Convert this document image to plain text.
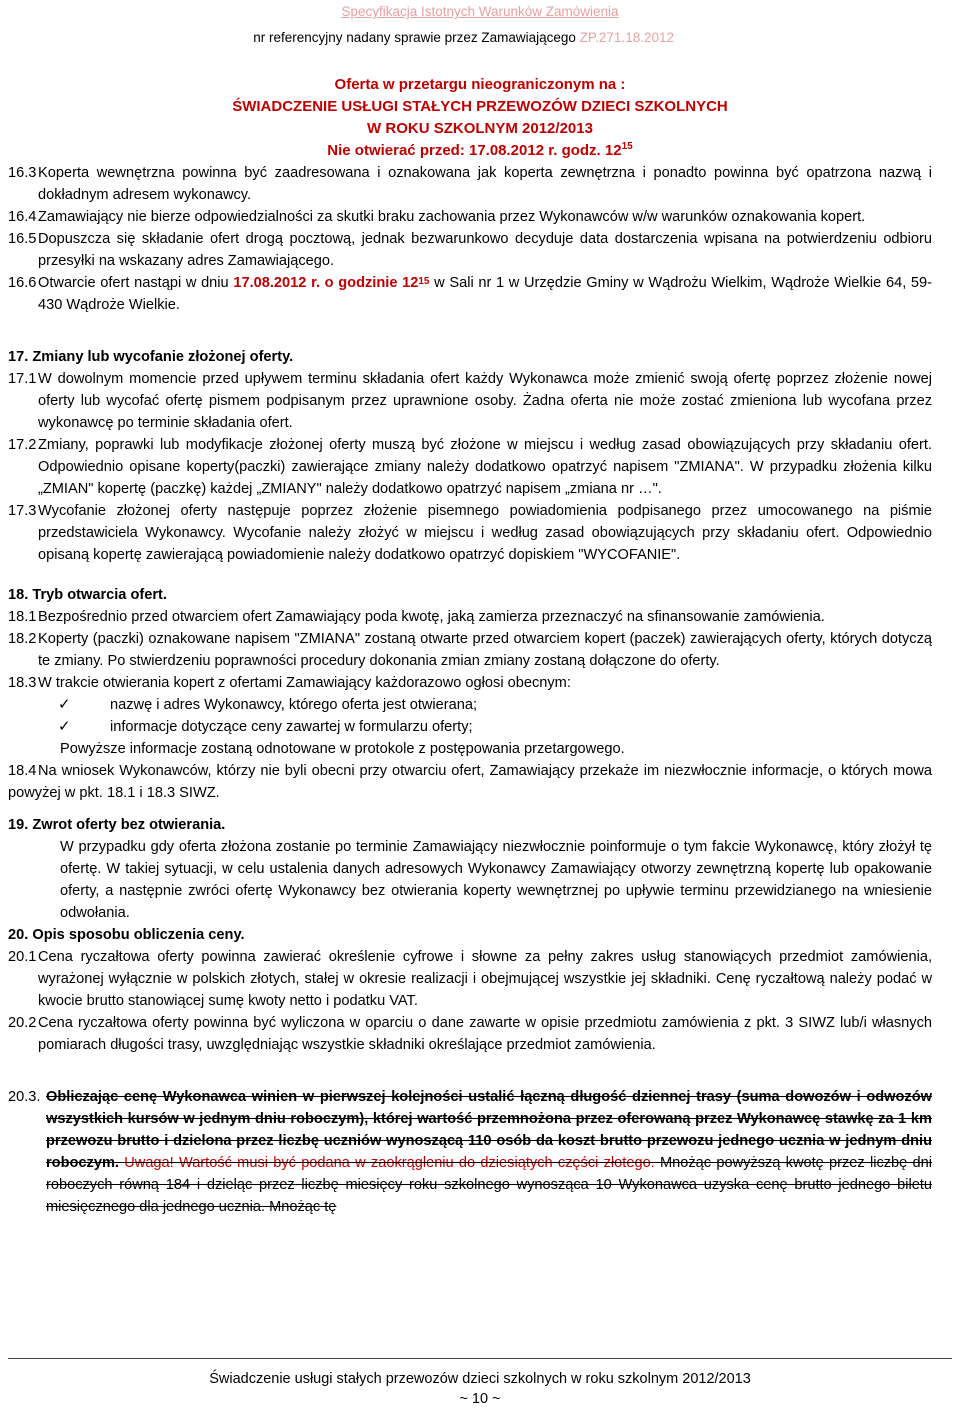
Specyfikacja Istotnych Warunków Zamówienia
nr referencyjny nadany sprawie przez Zamawiającego ZP.271.18.2012
Oferta w przetargu nieograniczonym na :
ŚWIADCZENIE USŁUGI STAŁYCH PRZEWOZÓW DZIECI SZKOLNYCH
W ROKU SZKOLNYM 2012/2013
Nie otwierać przed: 17.08.2012 r. godz. $12^{15}$
16.3 Koperta wewnętrzna powinna być zaadresowana i oznakowana jak koperta zewnętrzna i ponadto powinna być opatrzona nazwą i dokładnym adresem wykonawcy.
16.4 Zamawiający nie bierze odpowiedzialności za skutki braku zachowania przez Wykonawców w/w warunków oznakowania kopert.
16.5 Dopuszcza się składanie ofert drogą pocztową, jednak bezwarunkowo decyduje data dostarczenia wpisana na potwierdzeniu odbioru przesyłki na wskazany adres Zamawiającego.
16.6 Otwarcie ofert nastąpi w dniu 17.08.2012 r. o godzinie $12^{15}$ w Sali nr 1 w Urzędzie Gminy w Wądrożu Wielkim, Wądroże Wielkie 64, 59-430 Wądroże Wielkie.
17. Zmiany lub wycofanie złożonej oferty.
17.1 W dowolnym momencie przed upływem terminu składania ofert każdy Wykonawca może zmienić swoją ofertę poprzez złożenie nowej oferty lub wycofać ofertę pismem podpisanym przez uprawnione osoby. Żadna oferta nie może zostać zmieniona lub wycofana przez wykonawcę po terminie składania ofert.
17.2 Zmiany, poprawki lub modyfikacje złożonej oferty muszą być złożone w miejscu i według zasad obowiązujących przy składaniu ofert. Odpowiednio opisane koperty(paczki) zawierające zmiany należy dodatkowo opatrzyć napisem "ZMIANA". W przypadku złożenia kilku „ZMIAN" kopertę (paczkę) każdej „ZMIANY" należy dodatkowo opatrzyć napisem „zmiana nr …".
17.3 Wycofanie złożonej oferty następuje poprzez złożenie pisemnego powiadomienia podpisanego przez umocowanego na piśmie przedstawiciela Wykonawcy. Wycofanie należy złożyć w miejscu i według zasad obowiązujących przy składaniu ofert. Odpowiednio opisaną kopertę zawierającą powiadomienie należy dodatkowo opatrzyć dopiskiem "WYCOFANIE".
18. Tryb otwarcia ofert.
18.1 Bezpośrednio przed otwarciem ofert Zamawiający poda kwotę, jaką zamierza przeznaczyć na sfinansowanie zamówienia.
18.2 Koperty (paczki) oznakowane napisem "ZMIANA" zostaną otwarte przed otwarciem kopert (paczek) zawierających oferty, których dotyczą te zmiany. Po stwierdzeniu poprawności procedury dokonania zmian zmiany zostaną dołączone do oferty.
18.3 W trakcie otwierania kopert z ofertami Zamawiający każdorazowo ogłosi obecnym:
✓	nazwę i adres Wykonawcy, którego oferta jest otwierana;
✓	informacje dotyczące ceny zawartej w formularzu oferty;
Powyższe informacje zostaną odnotowane w protokole z postępowania przetargowego.
18.4 Na wniosek Wykonawców, którzy nie byli obecni przy otwarciu ofert, Zamawiający przekaże im niezwłocznie informacje, o których mowa powyżej w pkt. 18.1 i 18.3 SIWZ.
19. Zwrot oferty bez otwierania.
W przypadku gdy oferta złożona zostanie po terminie Zamawiający niezwłocznie poinformuje o tym fakcie Wykonawcę, który złożył tę ofertę. W takiej sytuacji, w celu ustalenia danych adresowych Wykonawcy Zamawiający otworzy zewnętrzną kopertę lub opakowanie oferty, a następnie zwróci ofertę Wykonawcy bez otwierania koperty wewnętrznej po upływie terminu przewidzianego na wniesienie odwołania.
20. Opis sposobu obliczenia ceny.
20.1 Cena ryczałtowa oferty powinna zawierać określenie cyfrowe i słowne za pełny zakres usług stanowiących przedmiot zamówienia, wyrażonej wyłącznie w polskich złotych, stałej w okresie realizacji i obejmującej wszystkie jej składniki. Cenę ryczałtową należy podać w kwocie brutto stanowiącej sumę kwoty netto i podatku VAT.
20.2 Cena ryczałtowa oferty powinna być wyliczona w oparciu o dane zawarte w opisie przedmiotu zamówienia z pkt. 3 SIWZ lub/i własnych pomiarach długości trasy, uwzględniając wszystkie składniki określające przedmiot zamówienia.
20.3. Obliczając cenę Wykonawca winien w pierwszej kolejności ustalić łączną długość dziennej trasy (suma dowozów i odwozów wszystkich kursów w jednym dniu roboczym), której wartość przemnożona przez oferowaną przez Wykonawcę stawkę za 1 km przewozu brutto i dzielona przez liczbę uczniów wynoszącą 110 osób da koszt brutto przewozu jednego ucznia w jednym dniu roboczym. Uwaga! Wartość musi być podana w zaokrągleniu do dziesiątych części złotego. Mnożąc powyższą kwotę przez liczbę dni roboczych równą 184 i dzieląc przez liczbę miesięcy roku szkolnego wynosząca 10 Wykonawca uzyska cenę brutto jednego biletu miesięcznego dla jednego ucznia. Mnożąc tę
Świadczenie usługi stałych przewozów dzieci szkolnych w roku szkolnym 2012/2013
~ 10 ~
